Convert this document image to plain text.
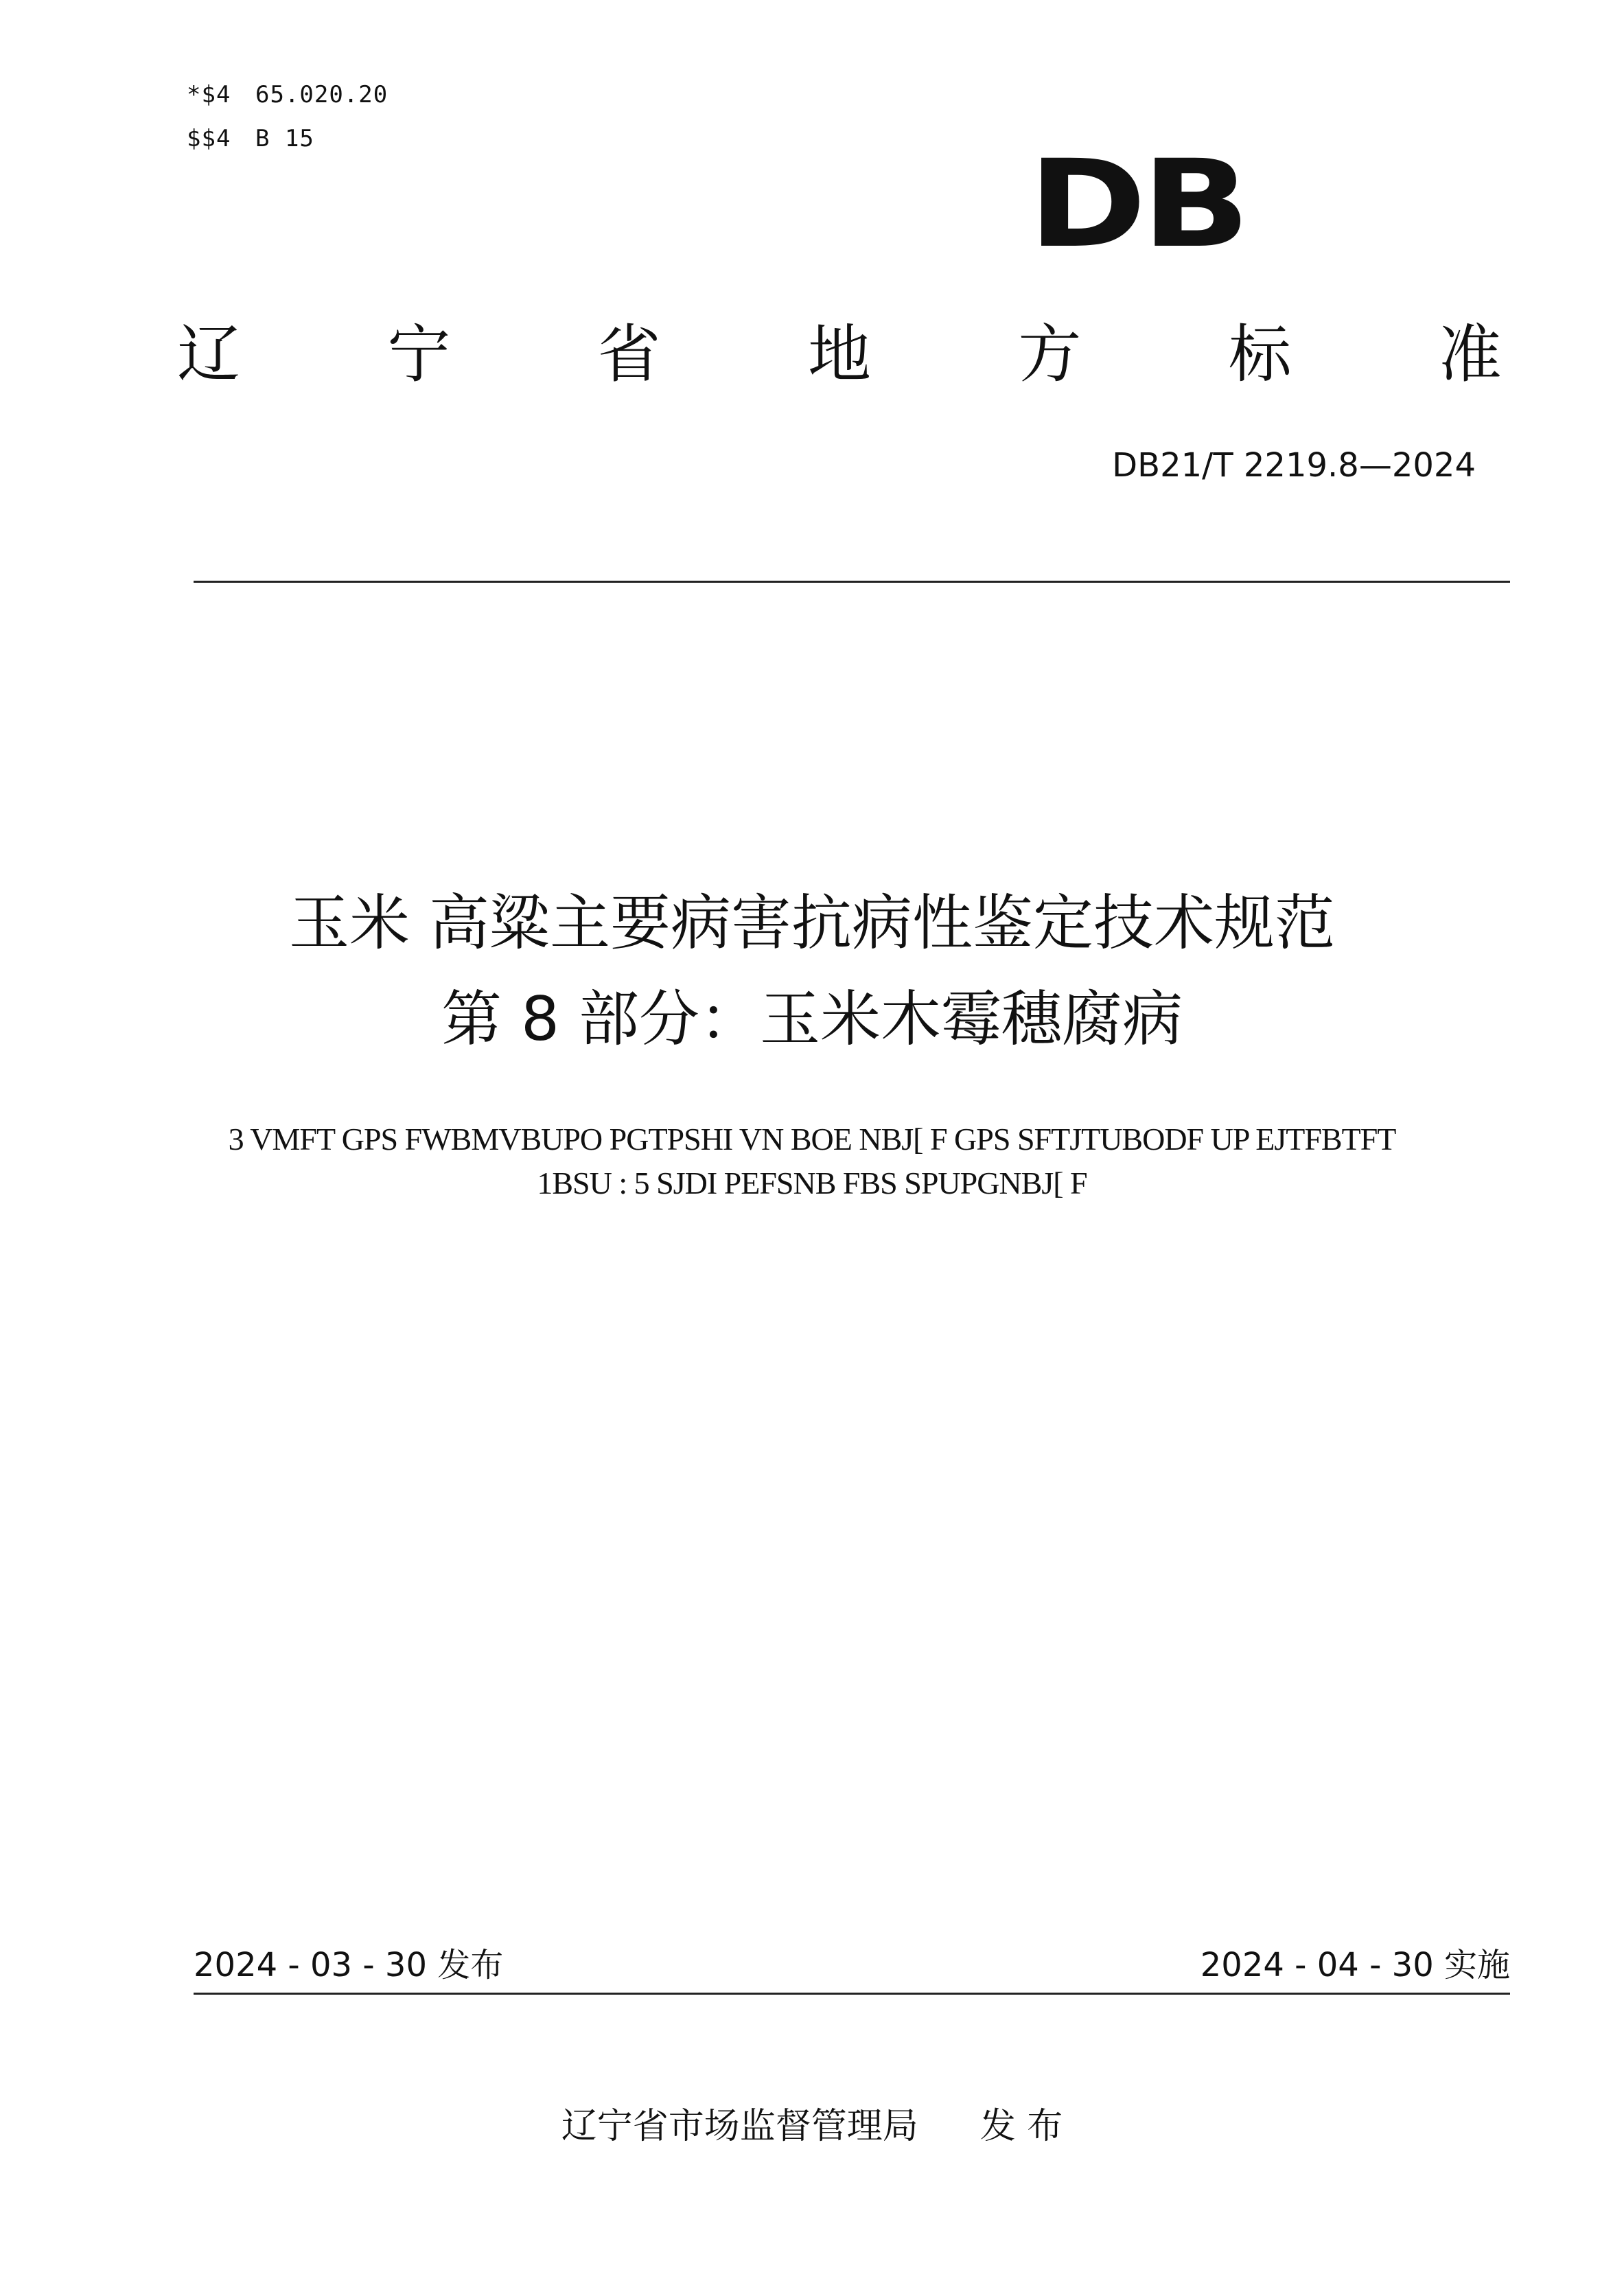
*$4 65.020.20
$$4 B 15	DB
辽 宁 省 地 方 标 准
DB21/T 2219.8—2024
玉米 高粱主要病害抗病性鉴定技术规范
第 8 部分：玉米木霉穗腐病
3 VMFT GPS FWBMVBUPO PGTPSHI VN BOE NBJ[ F GPS SFTJTUBODF UP EJTFBTFT
1BSU : 5 SJDI PEFSNB FBS SPUPGNBJ[ F
2024 - 03 - 30 发布	2024 - 04 - 30 实施
辽宁省市场监督管理局 发 布
